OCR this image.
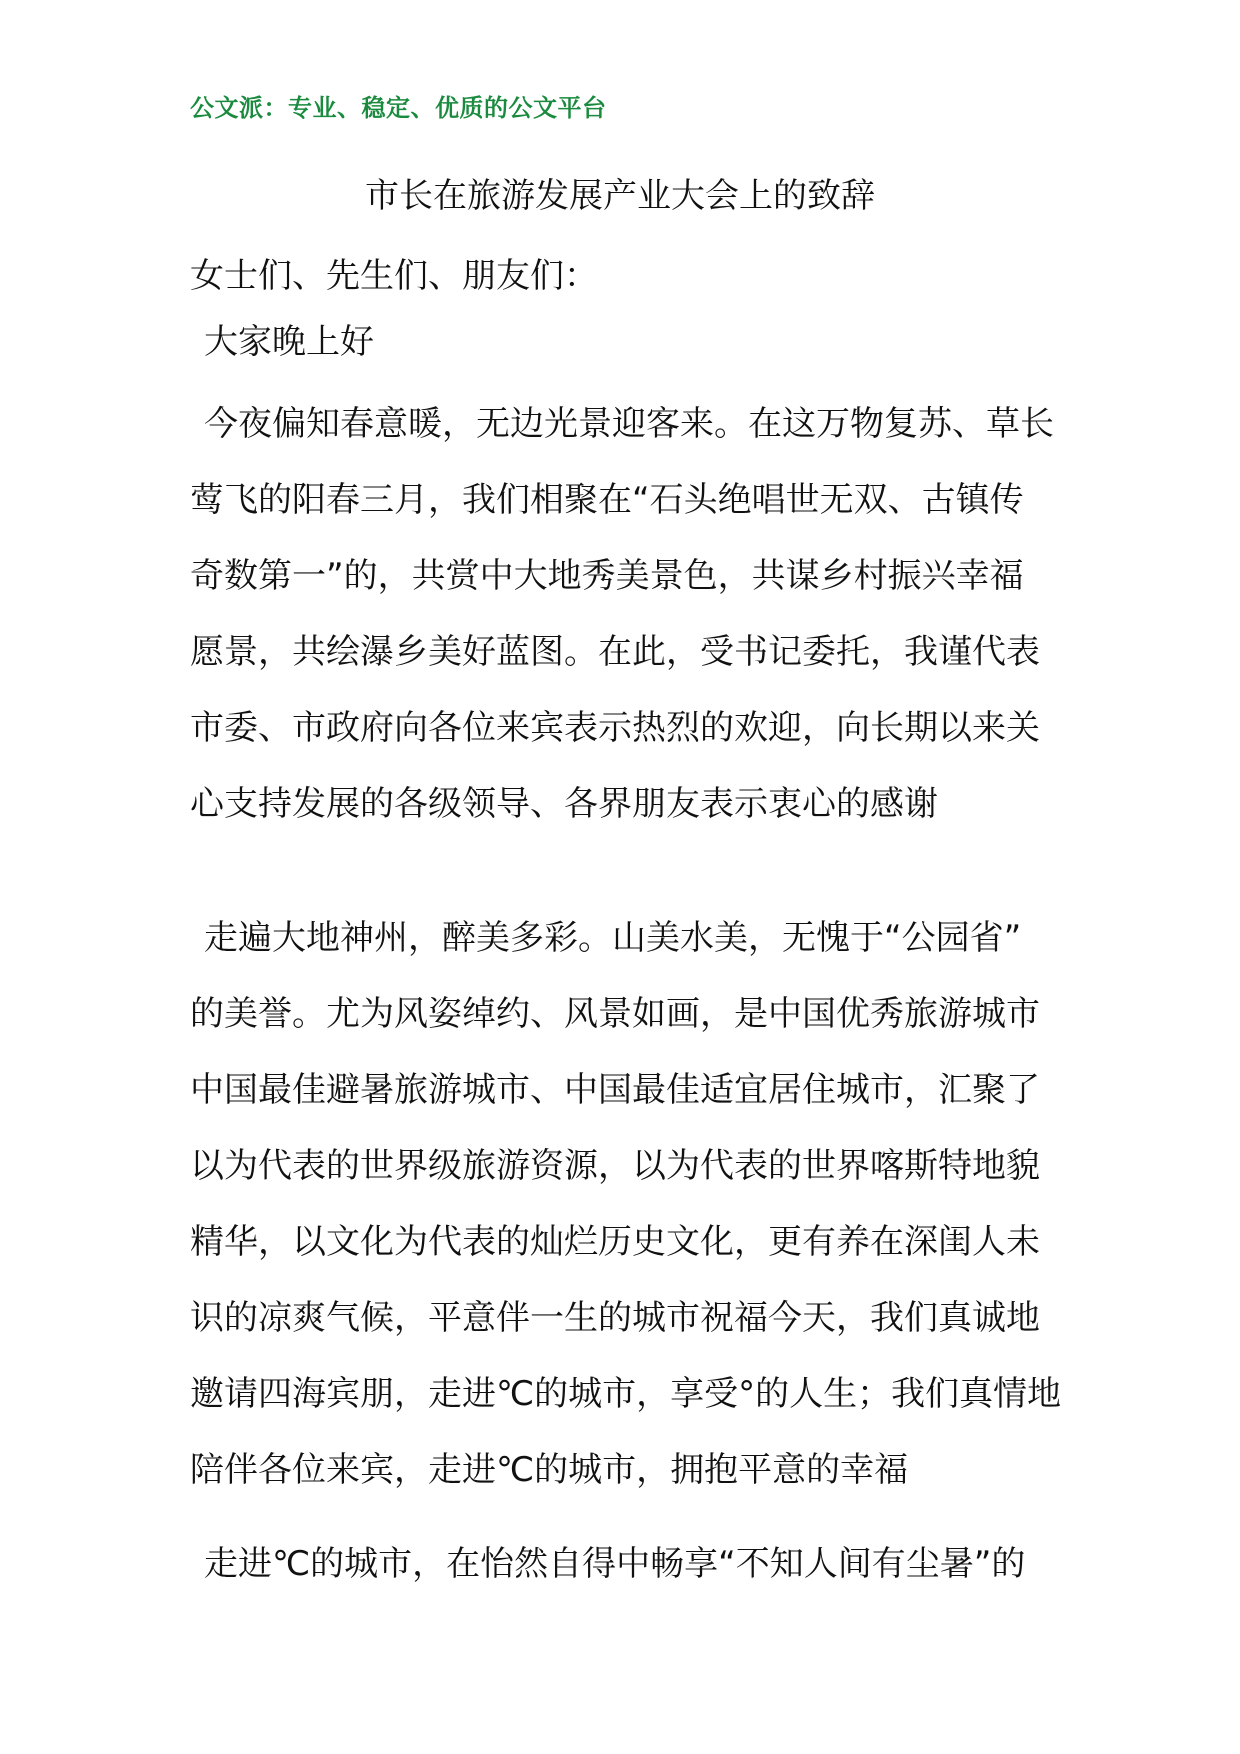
公文派：专业、稳定、优质的公文平台
市长在旅游发展产业大会上的致辞
女士们、先生们、朋友们：
大家晚上好
今夜偏知春意暖，无边光景迎客来。在这万物复苏、草长
莺飞的阳春三月，我们相聚在“石头绝唱世无双、古镇传
奇数第一”的，共赏中大地秀美景色，共谋乡村振兴幸福
愿景，共绘瀑乡美好蓝图。在此，受书记委托，我谨代表
市委、市政府向各位来宾表示热烈的欢迎，向长期以来关
心支持发展的各级领导、各界朋友表示衷心的感谢
走遍大地神州，醉美多彩。山美水美，无愧于“公园省”
的美誉。尤为风姿绰约、风景如画，是中国优秀旅游城市
中国最佳避暑旅游城市、中国最佳适宜居住城市，汇聚了
以为代表的世界级旅游资源，以为代表的世界喀斯特地貌
精华，以文化为代表的灿烂历史文化，更有养在深闺人未
识的凉爽气候，平意伴一生的城市祝福今天，我们真诚地
邀请四海宾朋，走进℃的城市，享受°的人生；我们真情地
陪伴各位来宾，走进℃的城市，拥抱平意的幸福
走进℃的城市，在怡然自得中畅享“不知人间有尘暑”的
